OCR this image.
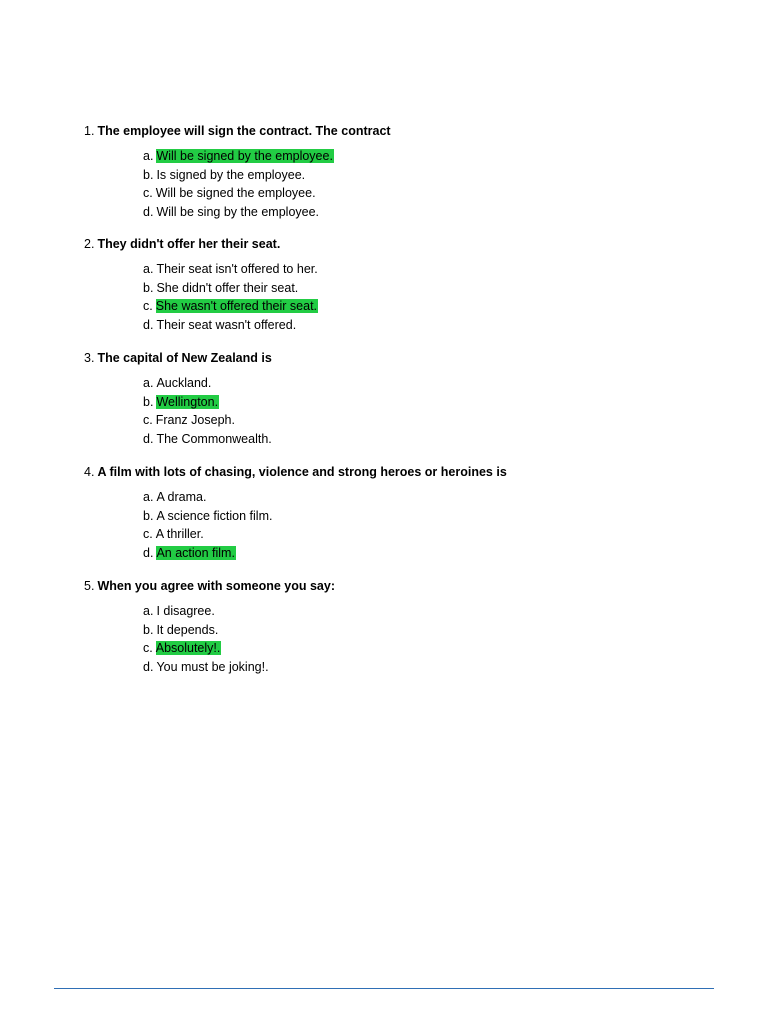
1. The employee will sign the contract. The contract
a. Will be signed by the employee.
b. Is signed by the employee.
c. Will be signed the employee.
d. Will be sing by the employee.
2. They didn't offer her their seat.
a. Their seat isn't offered to her.
b. She didn't offer their seat.
c. She wasn't offered their seat.
d. Their seat wasn't offered.
3. The capital of New Zealand is
a. Auckland.
b. Wellington.
c. Franz Joseph.
d. The Commonwealth.
4. A film with lots of chasing, violence and strong heroes or heroines is
a. A drama.
b. A science fiction film.
c. A thriller.
d. An action film.
5. When you agree with someone you say:
a. I disagree.
b. It depends.
c. Absolutely!.
d. You must be joking!.
